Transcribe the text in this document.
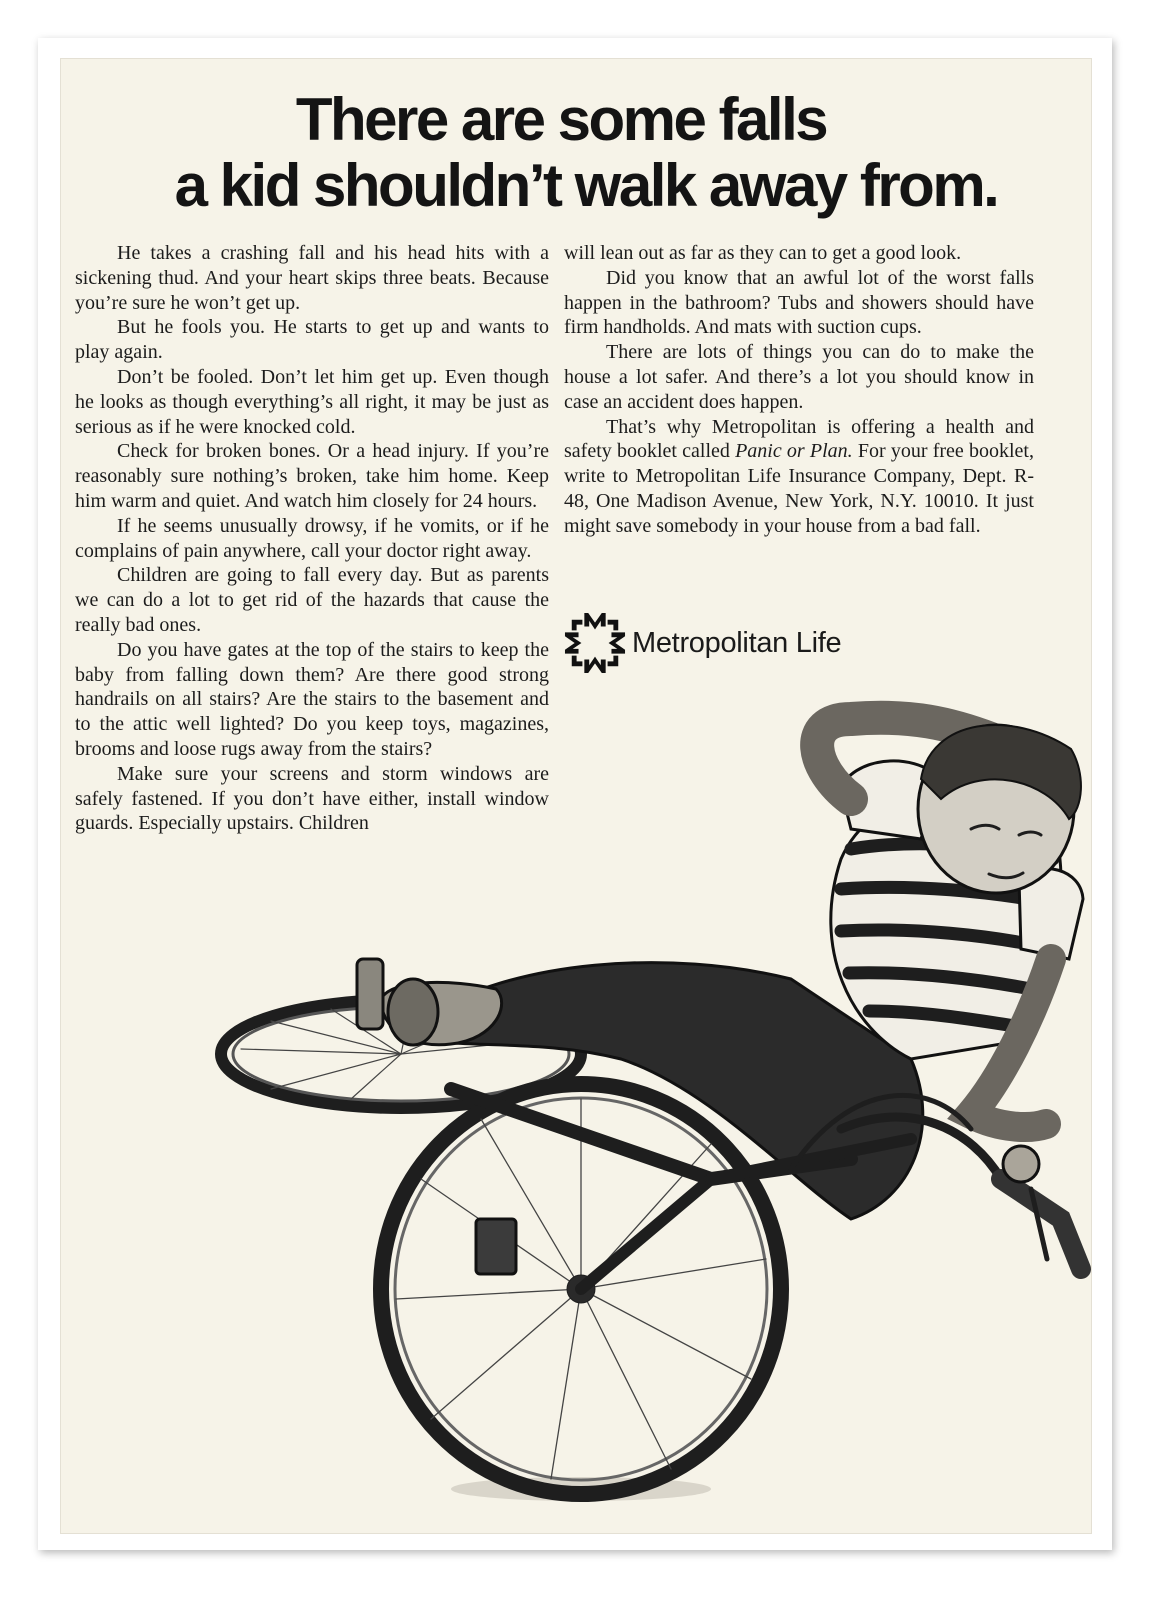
There are some falls
a kid shouldn’t walk away from.

He takes a crashing fall and his head hits with a sickening thud. And your heart skips three beats. Because you’re sure he won’t get up.

But he fools you. He starts to get up and wants to play again.

Don’t be fooled. Don’t let him get up. Even though he looks as though everything’s all right, it may be just as serious as if he were knocked cold.

Check for broken bones. Or a head injury. If you’re reasonably sure nothing’s broken, take him home. Keep him warm and quiet. And watch him closely for 24 hours.

If he seems unusually drowsy, if he vomits, or if he complains of pain anywhere, call your doctor right away.

Children are going to fall every day. But as parents we can do a lot to get rid of the hazards that cause the really bad ones.

Do you have gates at the top of the stairs to keep the baby from falling down them? Are there good strong handrails on all stairs? Are the stairs to the basement and to the attic well lighted? Do you keep toys, magazines, brooms and loose rugs away from the stairs?

Make sure your screens and storm windows are safely fastened. If you don’t have either, install window guards. Especially upstairs. Children

will lean out as far as they can to get a good look.

Did you know that an awful lot of the worst falls happen in the bathroom? Tubs and showers should have firm handholds. And mats with suction cups.

There are lots of things you can do to make the house a lot safer. And there’s a lot you should know in case an accident does happen.

That’s why Metropolitan is offering a health and safety booklet called Panic or Plan. For your free booklet, write to Metropolitan Life Insurance Company, Dept. R-48, One Madison Avenue, New York, N.Y. 10010. It just might save somebody in your house from a bad fall.

Metropolitan Life
